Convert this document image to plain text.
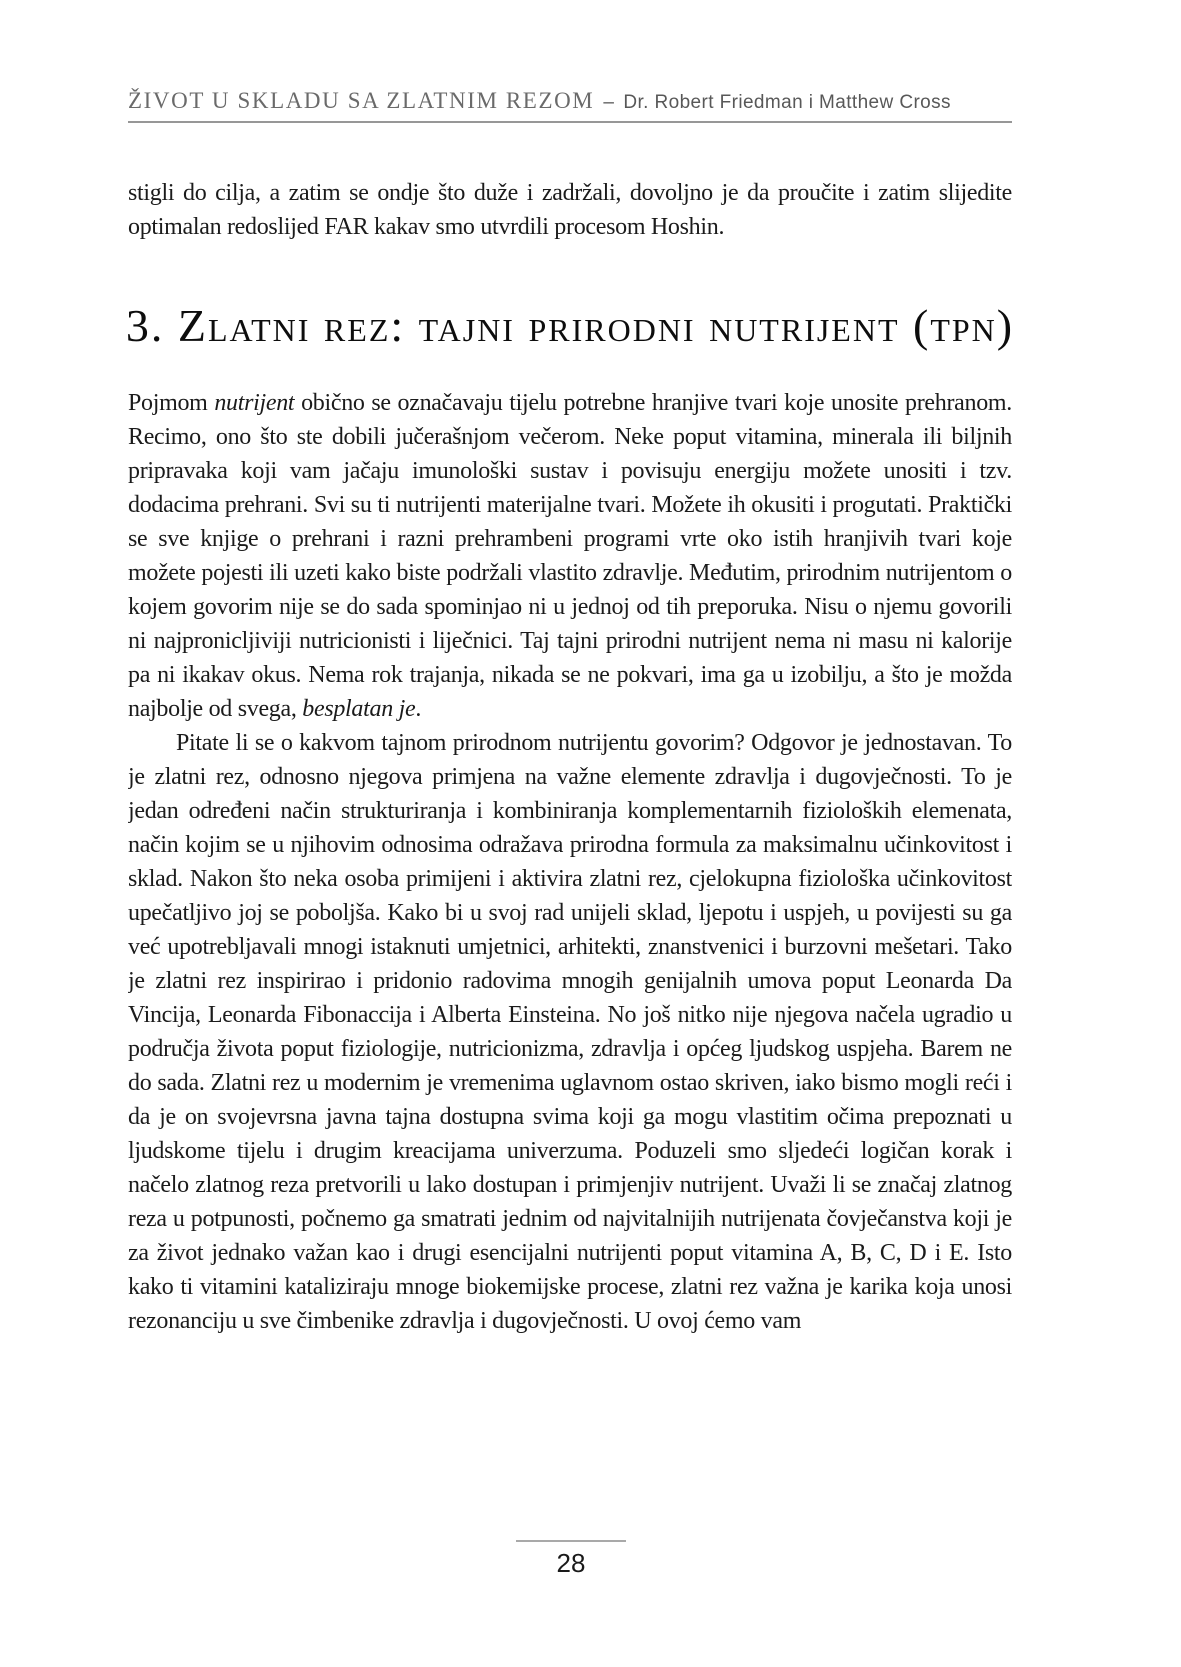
ŽIVOT U SKLADU SA ZLATNIM REZOM – Dr. Robert Friedman i Matthew Cross

stigli do cilja, a zatim se ondje što duže i zadržali, dovoljno je da proučite i zatim slijedite optimalan redoslijed FAR kakav smo utvrdili procesom Hoshin.

3. Zlatni rez: tajni prirodni nutrijent (tpn)

Pojmom nutrijent obično se označavaju tijelu potrebne hranjive tvari koje unosite prehranom. Recimo, ono što ste dobili jučerašnjom večerom. Neke poput vitamina, minerala ili biljnih pripravaka koji vam jačaju imunološki sustav i povisuju energiju možete unositi i tzv. dodacima prehrani. Svi su ti nutrijenti materijalne tvari. Možete ih okusiti i progutati. Praktički se sve knjige o prehrani i razni prehrambeni programi vrte oko istih hranjivih tvari koje možete pojesti ili uzeti kako biste podržali vlastito zdravlje. Međutim, prirodnim nutrijentom o kojem govorim nije se do sada spominjao ni u jednoj od tih preporuka. Nisu o njemu govorili ni najpronicljiviji nutricionisti i liječnici. Taj tajni prirodni nutrijent nema ni masu ni kalorije pa ni ikakav okus. Nema rok trajanja, nikada se ne pokvari, ima ga u izobilju, a što je možda najbolje od svega, besplatan je.

Pitate li se o kakvom tajnom prirodnom nutrijentu govorim? Odgovor je jednostavan. To je zlatni rez, odnosno njegova primjena na važne elemente zdravlja i dugovječnosti. To je jedan određeni način strukturiranja i kombiniranja komplementarnih fizioloških elemenata, način kojim se u njihovim odnosima odražava prirodna formula za maksimalnu učinkovitost i sklad. Nakon što neka osoba primijeni i aktivira zlatni rez, cjelokupna fiziološka učinkovitost upečatljivo joj se poboljša. Kako bi u svoj rad unijeli sklad, ljepotu i uspjeh, u povijesti su ga već upotrebljavali mnogi istaknuti umjetnici, arhitekti, znanstvenici i burzovni mešetari. Tako je zlatni rez inspirirao i pridonio radovima mnogih genijalnih umova poput Leonarda Da Vincija, Leonarda Fibonaccija i Alberta Einsteina. No još nitko nije njegova načela ugradio u područja života poput fiziologije, nutricionizma, zdravlja i općeg ljudskog uspjeha. Barem ne do sada. Zlatni rez u modernim je vremenima uglavnom ostao skriven, iako bismo mogli reći i da je on svojevrsna javna tajna dostupna svima koji ga mogu vlastitim očima prepoznati u ljudskome tijelu i drugim kreacijama univerzuma. Poduzeli smo sljedeći logičan korak i načelo zlatnog reza pretvorili u lako dostupan i primjenjiv nutrijent. Uvaži li se značaj zlatnog reza u potpunosti, počnemo ga smatrati jednim od najvitalnijih nutrijenata čovječanstva koji je za život jednako važan kao i drugi esencijalni nutrijenti poput vitamina A, B, C, D i E. Isto kako ti vitamini kataliziraju mnoge biokemijske procese, zlatni rez važna je karika koja unosi rezonanciju u sve čimbenike zdravlja i dugovječnosti. U ovoj ćemo vam

28
